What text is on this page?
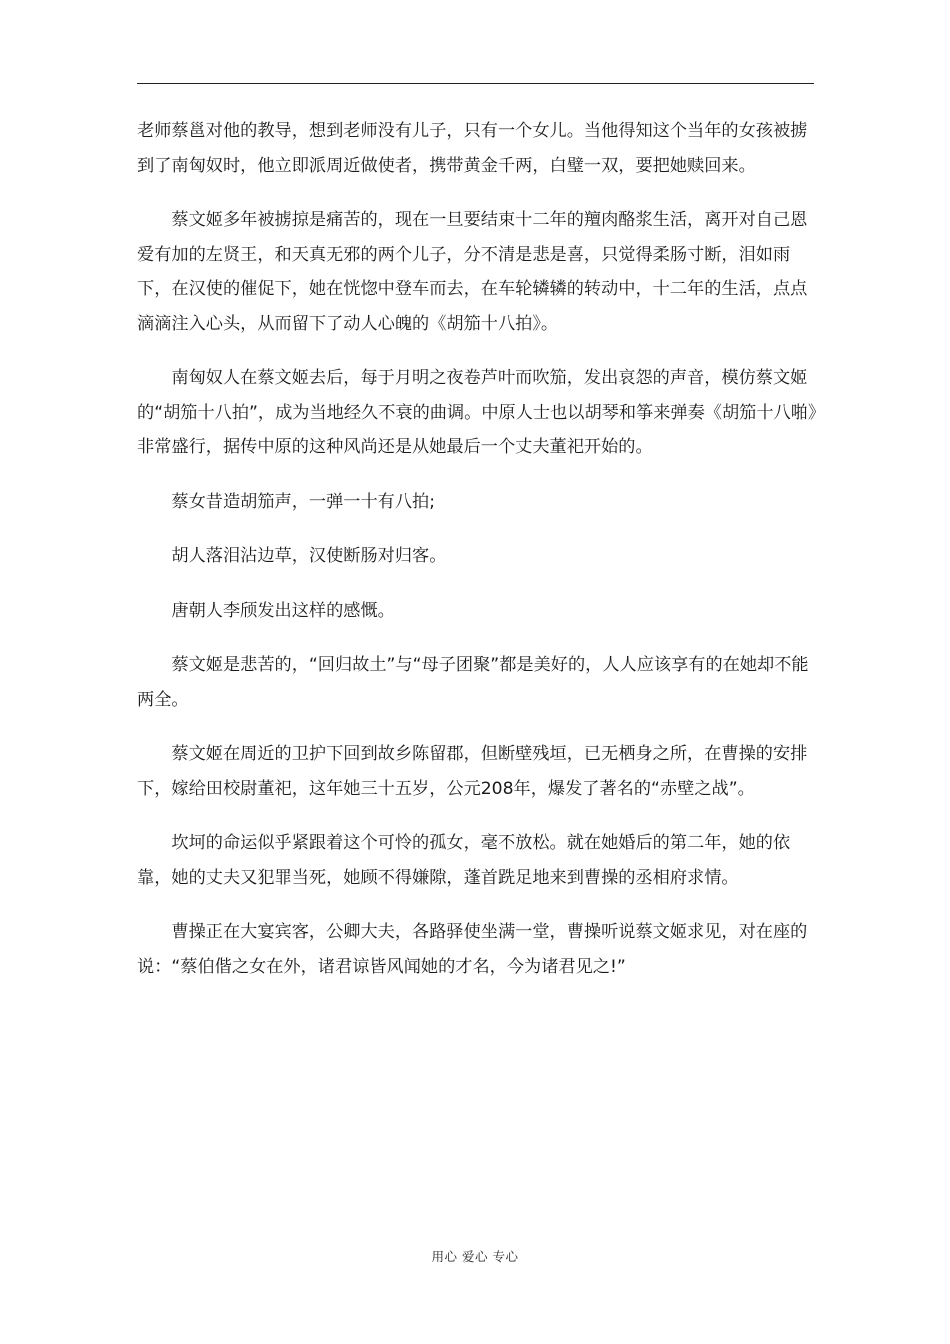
老师蔡邕对他的教导，想到老师没有儿子，只有一个女儿。当他得知这个当年的女孩被掳到了南匈奴时，他立即派周近做使者，携带黄金千两，白璧一双，要把她赎回来。

蔡文姬多年被掳掠是痛苦的，现在一旦要结束十二年的羶肉酪浆生活，离开对自己恩爱有加的左贤王，和天真无邪的两个儿子，分不清是悲是喜，只觉得柔肠寸断，泪如雨下，在汉使的催促下，她在恍惚中登车而去，在车轮辚辚的转动中，十二年的生活，点点滴滴注入心头，从而留下了动人心魄的《胡笳十八拍》。

南匈奴人在蔡文姬去后，每于月明之夜卷芦叶而吹笳，发出哀怨的声音，模仿蔡文姬的“胡笳十八拍”，成为当地经久不衰的曲调。中原人士也以胡琴和筝来弹奏《胡笳十八啪》非常盛行，据传中原的这种风尚还是从她最后一个丈夫董祀开始的。

蔡女昔造胡笳声，一弹一十有八拍;

胡人落泪沾边草，汉使断肠对归客。

唐朝人李颀发出这样的感慨。

蔡文姬是悲苦的，“回归故土”与“母子团聚”都是美好的，人人应该享有的在她却不能两全。

蔡文姬在周近的卫护下回到故乡陈留郡，但断壁残垣，已无栖身之所，在曹操的安排下，嫁给田校尉董祀，这年她三十五岁，公元208年，爆发了著名的“赤壁之战”。

坎坷的命运似乎紧跟着这个可怜的孤女，毫不放松。就在她婚后的第二年，她的依靠，她的丈夫又犯罪当死，她顾不得嫌隙，蓬首跣足地来到曹操的丞相府求情。

曹操正在大宴宾客，公卿大夫，各路驿使坐满一堂，曹操听说蔡文姬求见，对在座的说：“蔡伯偕之女在外，诸君谅皆风闻她的才名，今为诸君见之!”

用心 爱心 专心
